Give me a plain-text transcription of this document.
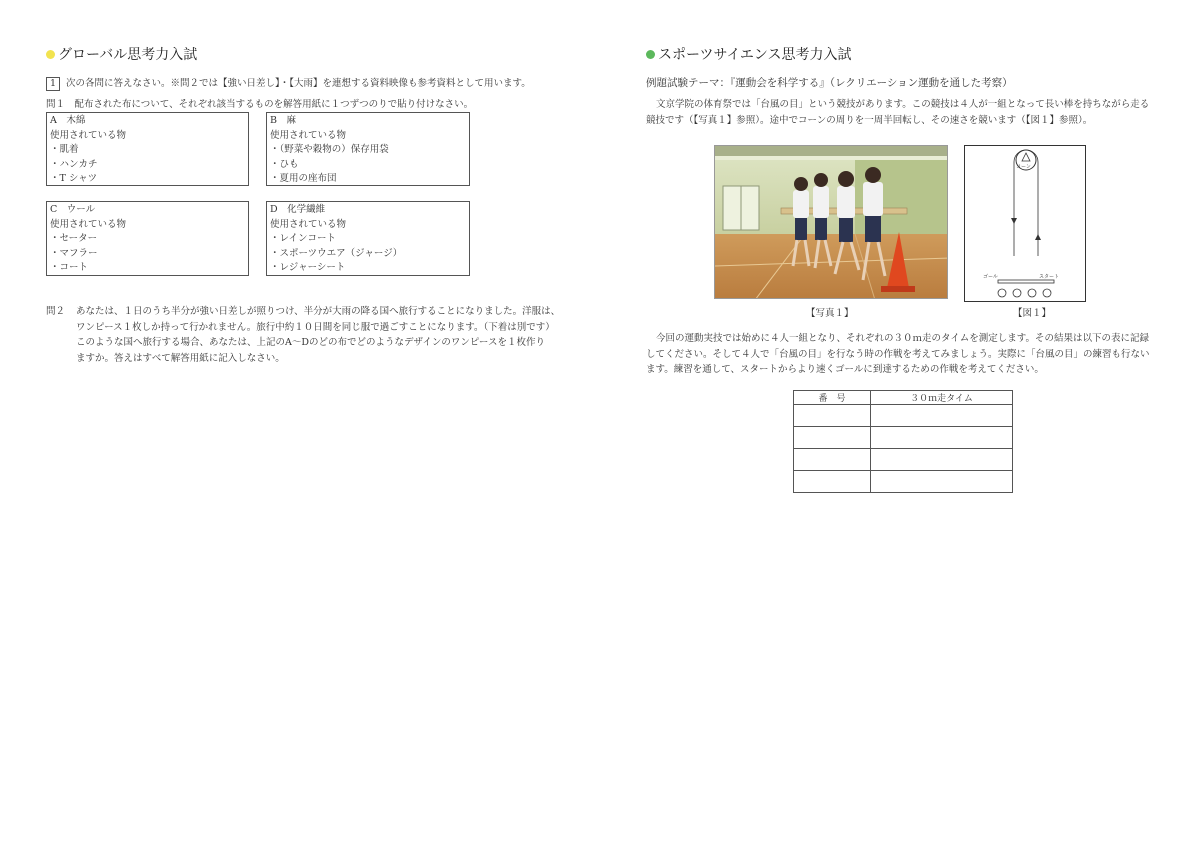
グローバル思考力入試
1 次の各問に答えなさい。※問２では【強い日差し】・【大雨】を連想する資料映像も参考資料として用います。
問１　配布された布について、それぞれ該当するものを解答用紙に１つずつのりで貼り付けなさい。
A　木綿
使用されている物
・肌着
・ハンカチ
・T シャツ
B　麻
使用されている物
・（野菜や穀物の）保存用袋
・ひも
・夏用の座布団
C　ウール
使用されている物
・セーター
・マフラー
・コート
D　化学繊維
使用されている物
・レインコート
・スポーツウエア（ジャージ）
・レジャーシート
問２ あなたは、１日のうち半分が強い日差しが照りつけ、半分が大雨の降る国へ旅行することになりました。洋服は、
ワンピース１枚しか持って行かれません。旅行中約１０日間を同じ服で過ごすことになります。（下着は別です）
このような国へ旅行する場合、あなたは、上記のA〜Dのどの布でどのようなデザインのワンピースを１枚作り
ますか。答えはすべて解答用紙に記入しなさい。
スポーツサイエンス思考力入試
例題試験テーマ：『運動会を科学する』（レクリエーション運動を通した考察）
文京学院の体育祭では「台風の目」という競技があります。この競技は４人が一組となって長い棒を持ちながら走る
競技です（【写真１】参照）。途中でコーンの周りを一周半回転し、その速さを競います（【図１】参照）。
コーン
ゴール	スタート
【写真１】	【図１】
今回の運動実技では始めに４人一組となり、それぞれの３０ｍ走のタイムを測定します。その結果は以下の表に記録
してください。そして４人で「台風の目」を行なう時の作戦を考えてみましょう。実際に「台風の目」の練習も行ない
ます。練習を通して、スタートからより速くゴールに到達するための作戦を考えてください。
番　号	３０ｍ走タイム
